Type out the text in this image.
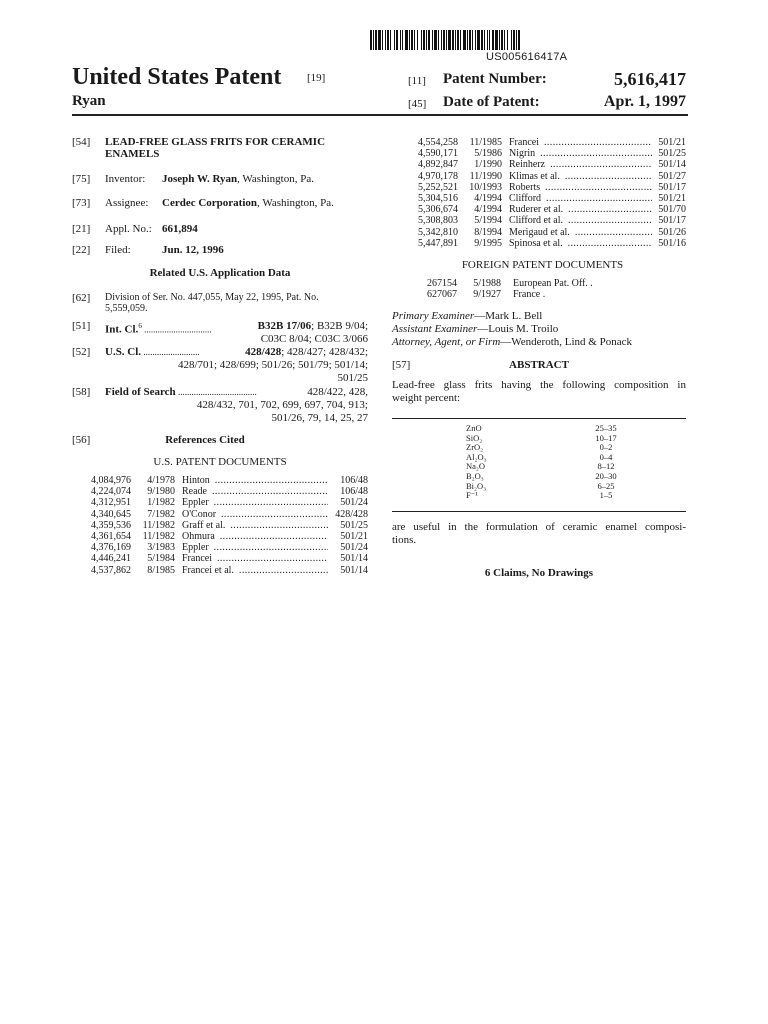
US005616417A
United States Patent [19]
Ryan
[11] Patent Number:	5,616,417
[45] Date of Patent:	Apr. 1, 1997
[54] LEAD-FREE GLASS FRITS FOR CERAMIC
ENAMELS
[75] Inventor: Joseph W. Ryan, Washington, Pa.
[73] Assignee: Cerdec Corporation, Washington, Pa.
[21] Appl. No.: 661,894
[22] Filed:	Jun. 12, 1996
Related U.S. Application Data
[62] Division of Ser. No. 447,055, May 22, 1995, Pat. No.
5,559,059.
[51] Int. Cl.$^6$ ..............................	B32B 17/06; B32B 9/04;
C03C 8/04; C03C 3/066
[52] U.S. Cl. .........................	428/428; 428/427; 428/432;
428/701; 428/699; 501/26; 501/79; 501/14;
501/25
[58] Field of Search ...................................	428/422, 428,
428/432, 701, 702, 699, 697, 704, 913;
501/26, 79, 14, 25, 27
[56]	References Cited
U.S. PATENT DOCUMENTS
4,084,976	4/1978 Hinton .....	106/48
4,224,074	9/1980 Reade .....	106/48
4,312,951	1/1982 Eppler .....	501/24
4,340,645	7/1982 O'Conor .....	428/428
4,359,536	11/1982 Graff et al. .....	501/25
4,361,654	11/1982 Ohmura .....	501/21
4,376,169	3/1983 Eppler .....	501/24
4,446,241	5/1984 Francei .....	501/14
4,537,862	8/1985 Francei et al. .....	501/14
4,554,258	11/1985 Francei .....	501/21
4,590,171	5/1986 Nigrin .....	501/25
4,892,847	1/1990 Reinherz .....	501/14
4,970,178	11/1990 Klimas et al. .....	501/27
5,252,521	10/1993 Roberts .....	501/17
5,304,516	4/1994 Clifford .....	501/21
5,306,674	4/1994 Ruderer et al. .....	501/70
5,308,803	5/1994 Clifford et al. .....	501/17
5,342,810	8/1994 Merigaud et al. .....	501/26
5,447,891	9/1995 Spinosa et al. .....	501/16
FOREIGN PATENT DOCUMENTS
267154	5/1988 European Pat. Off. .
627067	9/1927 France .
Primary Examiner—Mark L. Bell
Assistant Examiner—Louis M. Troilo
Attorney, Agent, or Firm—Wenderoth, Lind & Ponack
[57]	ABSTRACT
Lead-free glass frits having the following composition in
weight percent:
ZnO	25–35
SiO₂	10–17
ZrO₂	0–2
Al₂O₃	0–4
Na₂O	8–12
B₂O₃	20–30
Bi₂O₃	6–25
F⁻¹	1–5
are useful in the formulation of ceramic enamel composi-
tions.
6 Claims, No Drawings
